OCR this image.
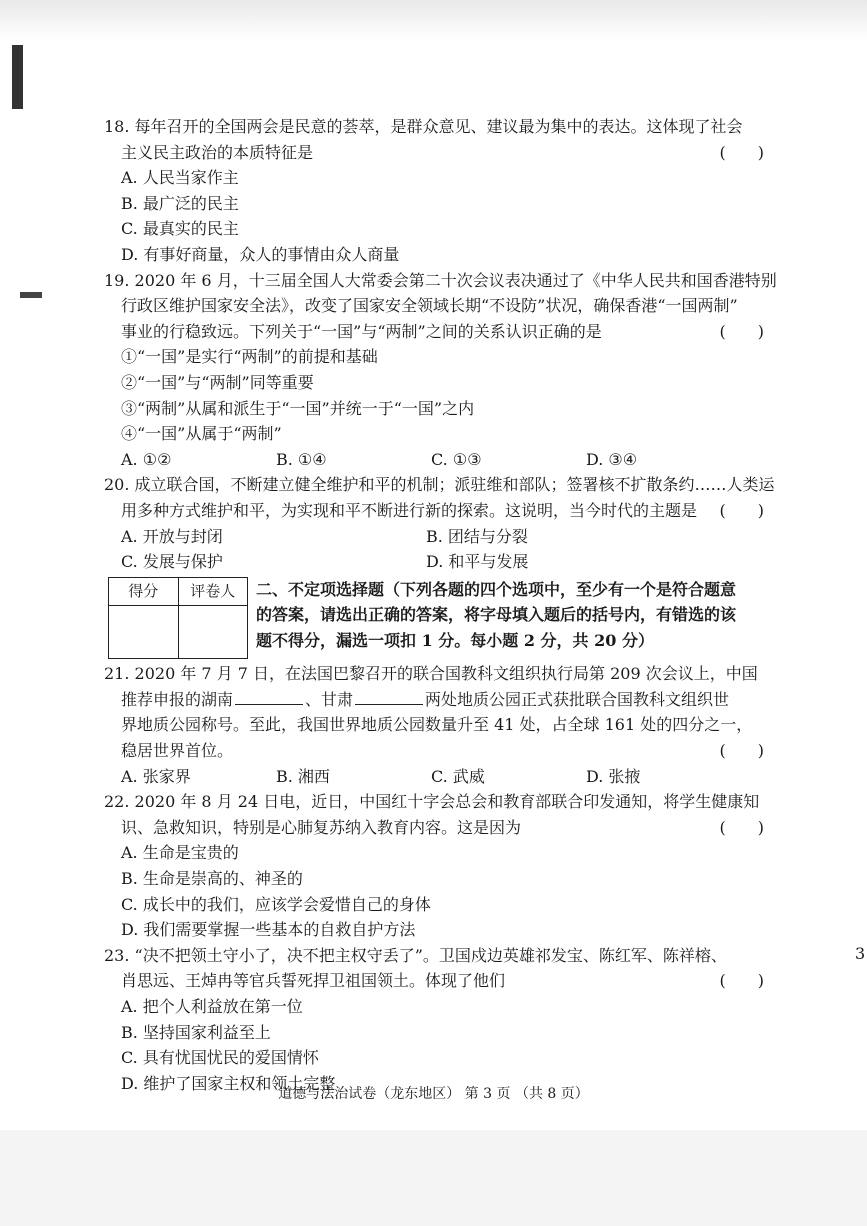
3
18. 每年召开的全国两会是民意的荟萃，是群众意见、建议最为集中的表达。这体现了社会
主义民主政治的本质特征是	(　　)
A. 人民当家作主
B. 最广泛的民主
C. 最真实的民主
D. 有事好商量，众人的事情由众人商量
19. 2020 年 6 月，十三届全国人大常委会第二十次会议表决通过了《中华人民共和国香港特别
行政区维护国家安全法》，改变了国家安全领域长期“不设防”状况，确保香港“一国两制”
事业的行稳致远。下列关于“一国”与“两制”之间的关系认识正确的是	(　　)
①“一国”是实行“两制”的前提和基础
②“一国”与“两制”同等重要
③“两制”从属和派生于“一国”并统一于“一国”之内
④“一国”从属于“两制”
A. ①②	B. ①④	C. ①③	D. ③④
20. 成立联合国，不断建立健全维护和平的机制；派驻维和部队；签署核不扩散条约……人类运
用多种方式维护和平，为实现和平不断进行新的探索。这说明，当今时代的主题是 (　　)
A. 开放与封闭	B. 团结与分裂
C. 发展与保护	D. 和平与发展
得分	评卷人
	二、不定项选择题（下列各题的四个选项中，至少有一个是符合题意
的答案，请选出正确的答案，将字母填入题后的括号内，有错选的该
题不得分，漏选一项扣 1 分。每小题 2 分，共 20 分）
21. 2020 年 7 月 7 日，在法国巴黎召开的联合国教科文组织执行局第 209 次会议上，中国
推荐申报的湖南	、甘肃	两处地质公园正式获批联合国教科文组织世
界地质公园称号。至此，我国世界地质公园数量升至 41 处，占全球 161 处的四分之一，
稳居世界首位。	(　　)
A. 张家界	B. 湘西	C. 武威	D. 张掖
22. 2020 年 8 月 24 日电，近日，中国红十字会总会和教育部联合印发通知，将学生健康知
识、急救知识，特别是心肺复苏纳入教育内容。这是因为	(　　)
A. 生命是宝贵的
B. 生命是崇高的、神圣的
C. 成长中的我们，应该学会爱惜自己的身体
D. 我们需要掌握一些基本的自救自护方法
23. “决不把领土守小了，决不把主权守丢了”。卫国戍边英雄祁发宝、陈红军、陈祥榕、
肖思远、王焯冉等官兵誓死捍卫祖国领土。体现了他们	(　　)
A. 把个人利益放在第一位
B. 坚持国家利益至上
C. 具有忧国忧民的爱国情怀
D. 维护了国家主权和领土完整
道德与法治试卷（龙东地区） 第 3 页 （共 8 页）
